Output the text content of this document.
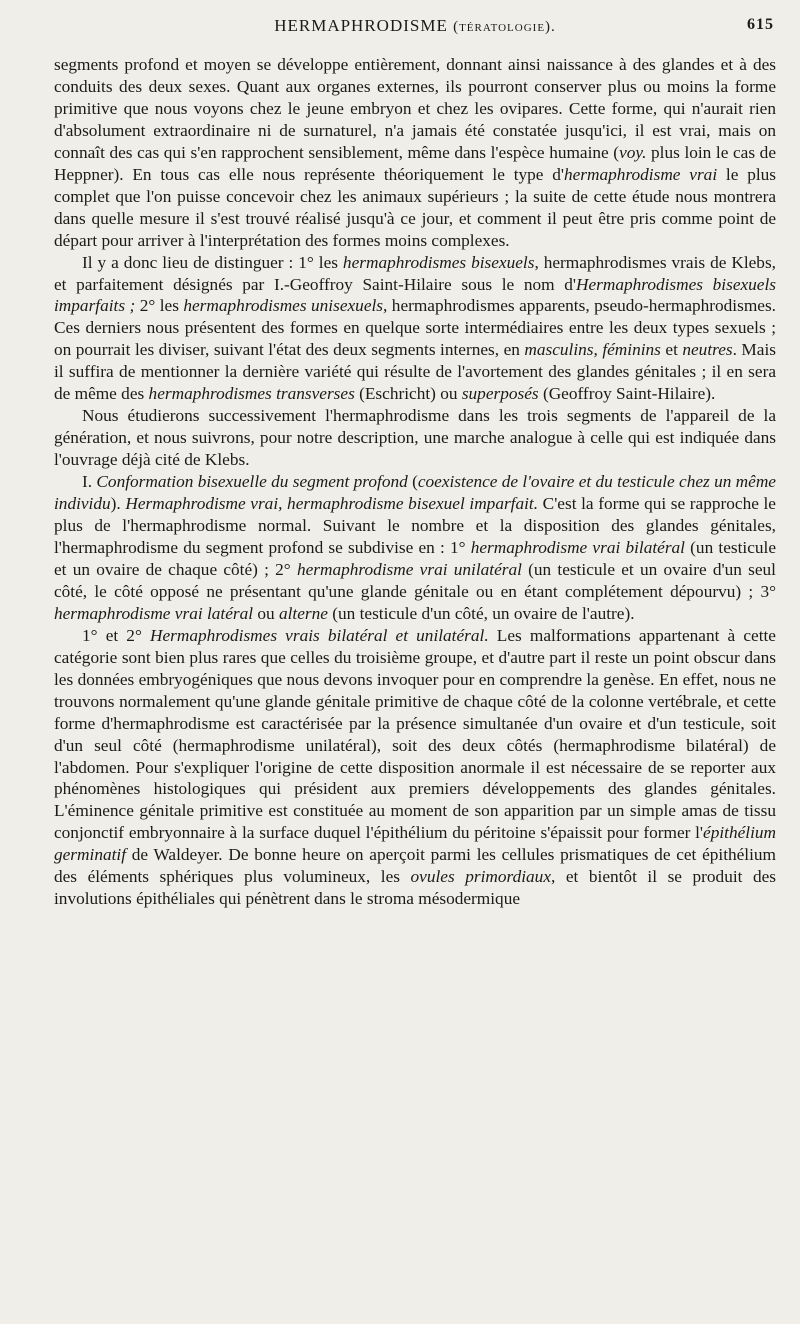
HERMAPHRODISME (tératologie).	615

segments profond et moyen se développe entièrement, donnant ainsi naissance à des glandes et à des conduits des deux sexes. Quant aux organes externes, ils pourront conserver plus ou moins la forme primitive que nous voyons chez le jeune embryon et chez les ovipares. Cette forme, qui n'aurait rien d'absolument extraordinaire ni de surnaturel, n'a jamais été constatée jusqu'ici, il est vrai, mais on connaît des cas qui s'en rapprochent sensiblement, même dans l'espèce humaine (voy. plus loin le cas de Heppner). En tous cas elle nous représente théoriquement le type d'hermaphrodisme vrai le plus complet que l'on puisse concevoir chez les animaux supérieurs ; la suite de cette étude nous montrera dans quelle mesure il s'est trouvé réalisé jusqu'à ce jour, et comment il peut être pris comme point de départ pour arriver à l'interprétation des formes moins complexes.

Il y a donc lieu de distinguer : 1° les hermaphrodismes bisexuels, hermaphrodismes vrais de Klebs, et parfaitement désignés par I.-Geoffroy Saint-Hilaire sous le nom d'Hermaphrodismes bisexuels imparfaits ; 2° les hermaphrodismes unisexuels, hermaphrodismes apparents, pseudo-hermaphrodismes. Ces derniers nous présentent des formes en quelque sorte intermédiaires entre les deux types sexuels ; on pourrait les diviser, suivant l'état des deux segments internes, en masculins, féminins et neutres. Mais il suffira de mentionner la dernière variété qui résulte de l'avortement des glandes génitales ; il en sera de même des hermaphrodismes transverses (Eschricht) ou superposés (Geoffroy Saint-Hilaire).

Nous étudierons successivement l'hermaphrodisme dans les trois segments de l'appareil de la génération, et nous suivrons, pour notre description, une marche analogue à celle qui est indiquée dans l'ouvrage déjà cité de Klebs.

I. Conformation bisexuelle du segment profond (coexistence de l'ovaire et du testicule chez un même individu). Hermaphrodisme vrai, hermaphrodisme bisexuel imparfait. C'est la forme qui se rapproche le plus de l'hermaphrodisme normal. Suivant le nombre et la disposition des glandes génitales, l'hermaphrodisme du segment profond se subdivise en : 1° hermaphrodisme vrai bilatéral (un testicule et un ovaire de chaque côté) ; 2° hermaphrodisme vrai unilatéral (un testicule et un ovaire d'un seul côté, le côté opposé ne présentant qu'une glande génitale ou en étant complétement dépourvu) ; 3° hermaphrodisme vrai latéral ou alterne (un testicule d'un côté, un ovaire de l'autre).

1° et 2° Hermaphrodismes vrais bilatéral et unilatéral. Les malformations appartenant à cette catégorie sont bien plus rares que celles du troisième groupe, et d'autre part il reste un point obscur dans les données embryogéniques que nous devons invoquer pour en comprendre la genèse. En effet, nous ne trouvons normalement qu'une glande génitale primitive de chaque côté de la colonne vertébrale, et cette forme d'hermaphrodisme est caractérisée par la présence simultanée d'un ovaire et d'un testicule, soit d'un seul côté (hermaphrodisme unilatéral), soit des deux côtés (hermaphrodisme bilatéral) de l'abdomen. Pour s'expliquer l'origine de cette disposition anormale il est nécessaire de se reporter aux phénomènes histologiques qui président aux premiers développements des glandes génitales. L'éminence génitale primitive est constituée au moment de son apparition par un simple amas de tissu conjonctif embryonnaire à la surface duquel l'épithélium du péritoine s'épaissit pour former l'épithélium germinatif de Waldeyer. De bonne heure on aperçoit parmi les cellules prismatiques de cet épithélium des éléments sphériques plus volumineux, les ovules primordiaux, et bientôt il se produit des involutions épithéliales qui pénètrent dans le stroma mésodermique
